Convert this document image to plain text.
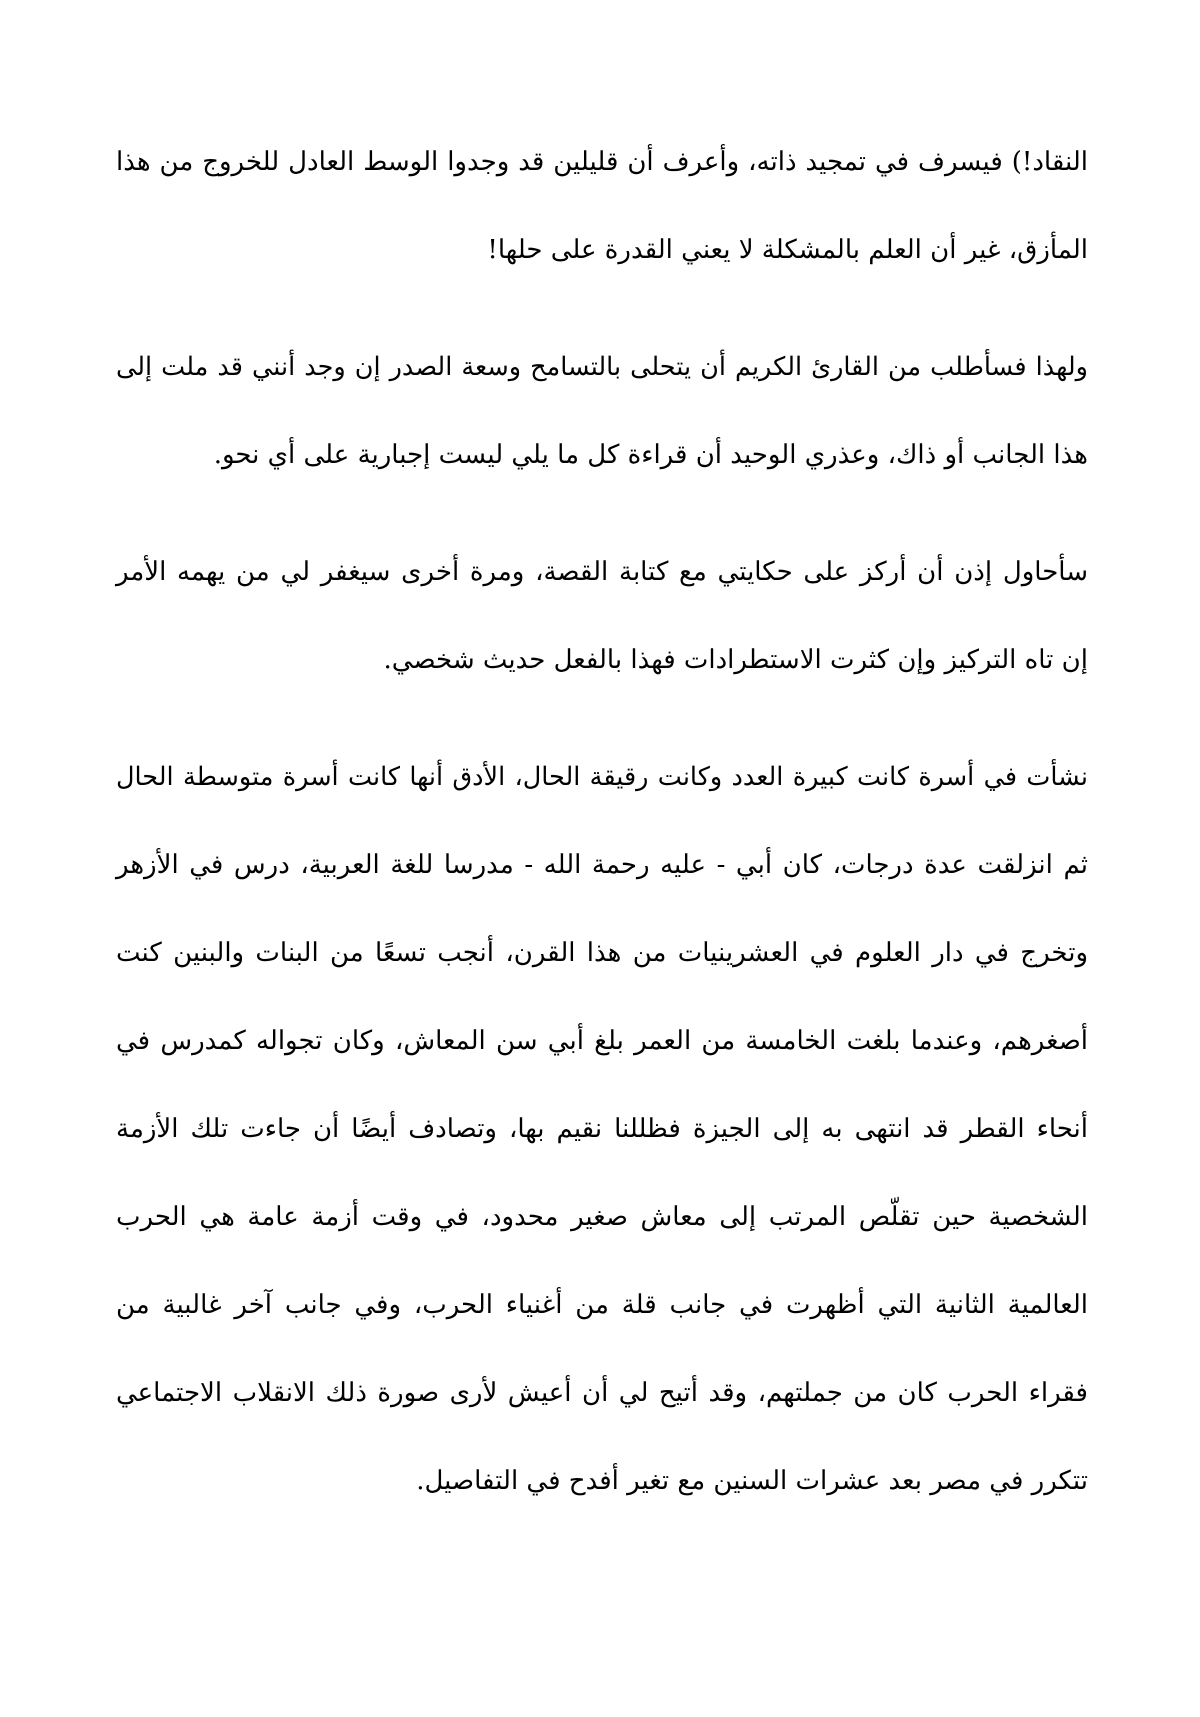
النقاد!) فيسرف في تمجيد ذاته، وأعرف أن قليلين قد وجدوا الوسط العادل للخروج من هذا
المأزق، غير أن العلم بالمشكلة لا يعني القدرة على حلها!

ولهذا فسأطلب من القارئ الكريم أن يتحلى بالتسامح وسعة الصدر إن وجد أنني قد ملت إلى
هذا الجانب أو ذاك، وعذري الوحيد أن قراءة كل ما يلي ليست إجبارية على أي نحو.

سأحاول إذن أن أركز على حكايتي مع كتابة القصة، ومرة أخرى سيغفر لي من يهمه الأمر
إن تاه التركيز وإن كثرت الاستطرادات فهذا بالفعل حديث شخصي.

نشأت في أسرة كانت كبيرة العدد وكانت رقيقة الحال، الأدق أنها كانت أسرة متوسطة الحال
ثم انزلقت عدة درجات، كان أبي - عليه رحمة الله - مدرسا للغة العربية، درس في الأزهر
وتخرج في دار العلوم في العشرينيات من هذا القرن، أنجب تسعًا من البنات والبنين كنت
أصغرهم، وعندما بلغت الخامسة من العمر بلغ أبي سن المعاش، وكان تجواله كمدرس في
أنحاء القطر قد انتهى به إلى الجيزة فظللنا نقيم بها، وتصادف أيضًا أن جاءت تلك الأزمة
الشخصية حين تقلّص المرتب إلى معاش صغير محدود، في وقت أزمة عامة هي الحرب
العالمية الثانية التي أظهرت في جانب قلة من أغنياء الحرب، وفي جانب آخر غالبية من
فقراء الحرب كان من جملتهم، وقد أتيح لي أن أعيش لأرى صورة ذلك الانقلاب الاجتماعي
تتكرر في مصر بعد عشرات السنين مع تغير أفدح في التفاصيل.
